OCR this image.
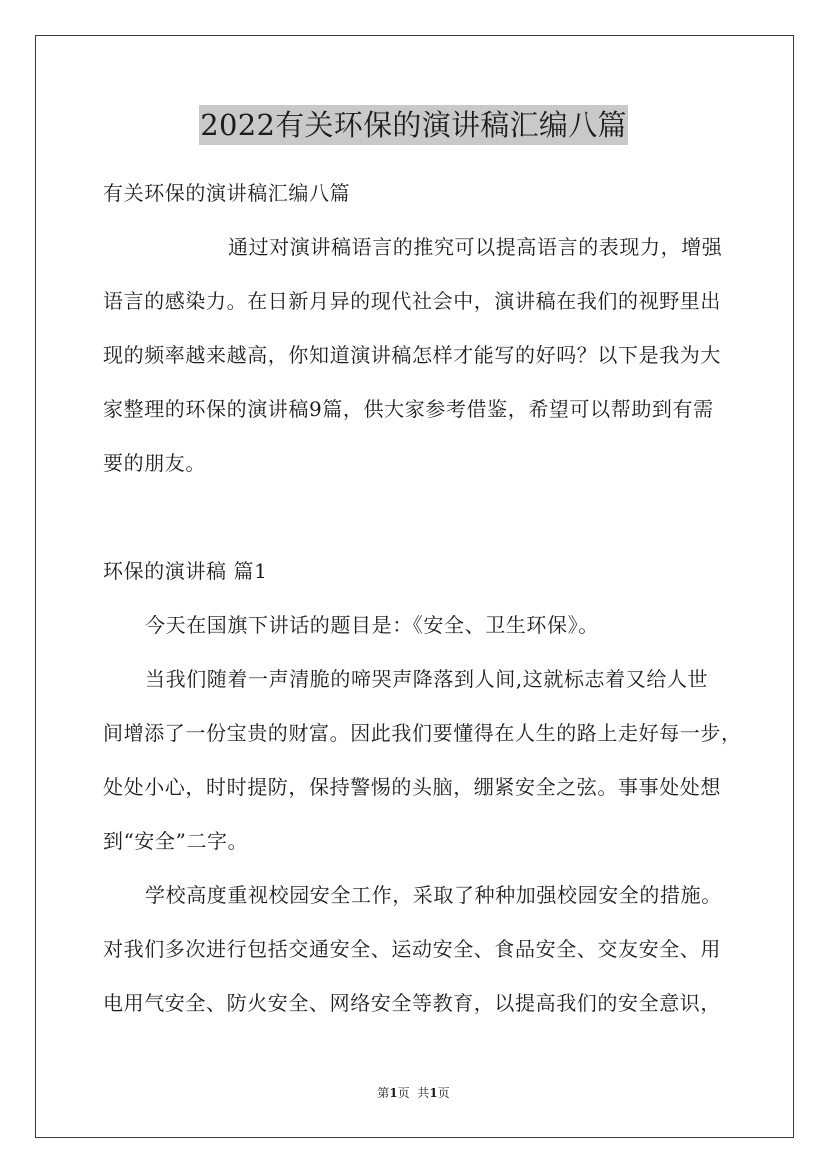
2022有关环保的演讲稿汇编八篇
有关环保的演讲稿汇编八篇
通过对演讲稿语言的推究可以提高语言的表现力，增强
语言的感染力。在日新月异的现代社会中，演讲稿在我们的视野里出
现的频率越来越高，你知道演讲稿怎样才能写的好吗？以下是我为大
家整理的环保的演讲稿9篇，供大家参考借鉴，希望可以帮助到有需
要的朋友。
环保的演讲稿 篇1
今天在国旗下讲话的题目是：《安全、卫生环保》。
当我们随着一声清脆的啼哭声降落到人间,这就标志着又给人世
间增添了一份宝贵的财富。因此我们要懂得在人生的路上走好每一步，
处处小心，时时提防，保持警惕的头脑，绷紧安全之弦。事事处处想
到“安全”二字。
学校高度重视校园安全工作，采取了种种加强校园安全的措施。
对我们多次进行包括交通安全、运动安全、食品安全、交友安全、用
电用气安全、防火安全、网络安全等教育，以提高我们的安全意识，
第1页  共1页
